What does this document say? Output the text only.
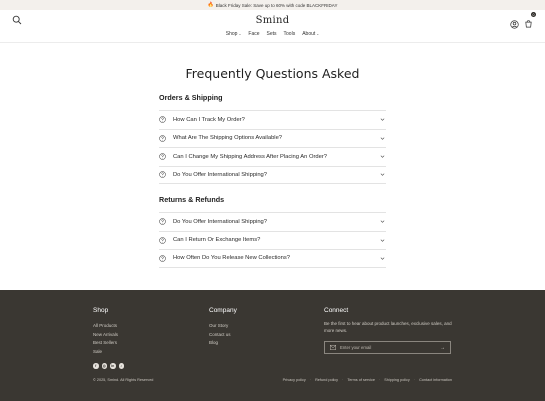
🔥 Black Friday Sale: Save up to 60% with code BLACKFRIDAY
Smind
0
Shop⌄ Face Sets Tools About⌄
Frequently Questions Asked
Orders & Shipping
How Can I Track My Order?
What Are The Shipping Options Available?
Can I Change My Shipping Address After Placing An Order?
Do You Offer International Shipping?
Returns & Refunds
Do You Offer International Shipping?
Can I Return Or Exchange Items?
How Often Do You Release New Collections?
Shop
All Products
New Arrivals
Best Sellers
Sale
Company
Our Story
Contact us
Blog
Connect
Be the first to hear about product launches, exclusive sales, and more news.
Enter your email	→
f	◎	in	♪
© 2025, Smind. All Rights Reserved	Privacy policy · Refund policy · Terms of service · Shipping policy · Contact information
